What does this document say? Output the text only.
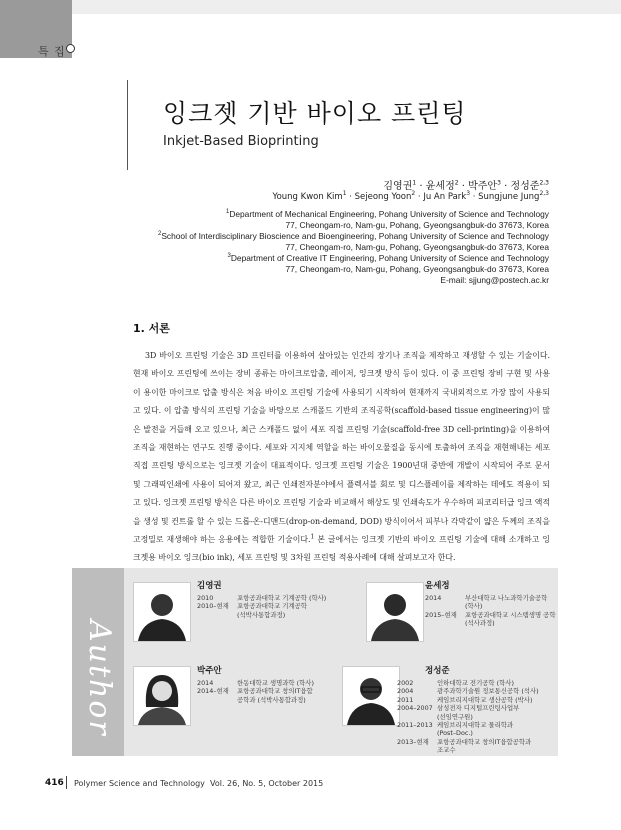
특 집
잉크젯 기반 바이오 프린팅
Inkjet-Based Bioprinting
김영권$^1$ · 윤세정$^2$ · 박주안$^3$ · 정성준$^{2,3}$
Young Kwon Kim$^1$ · Sejeong Yoon$^2$ · Ju An Park$^3$ · Sungjune Jung$^{2,3}$
$^1$Department of Mechanical Engineering, Pohang University of Science and Technology
77, Cheongam-ro, Nam-gu, Pohang, Gyeongsangbuk-do 37673, Korea
$^2$School of Interdisciplinary Bioscience and Bioengineering, Pohang University of Science and Technology
77, Cheongam-ro, Nam-gu, Pohang, Gyeongsangbuk-do 37673, Korea
$^3$Department of Creative IT Engineering, Pohang University of Science and Technology
77, Cheongam-ro, Nam-gu, Pohang, Gyeongsangbuk-do 37673, Korea
E-mail: sjjung@postech.ac.kr
1. 서론

3D 바이오 프린팅 기술은 3D 프린터를 이용하여 살아있는 인간의 장기나 조직을 제작하고 재생할 수 있는 기술이다. 현재 바이오 프린팅에 쓰이는 장비 종류는 마이크로압출, 레이저, 잉크젯 방식 등이 있다. 이 중 프린팅 장비 구현 및 사용이 용이한 마이크로 압출 방식은 처음 바이오 프린팅 기술에 사용되기 시작하여 현재까지 국내외적으로 가장 많이 사용되고 있다. 이 압출 방식의 프린팅 기술을 바탕으로 스캐폴드 기반의 조직공학(scaffold-based tissue engineering)이 많은 발전을 거듭해 오고 있으나, 최근 스캐폴드 없이 세포 직접 프린팅 기술(scaffold-free 3D cell-printing)을 이용하여 조직을 재현하는 연구도 진행 중이다. 세포와 지지체 역할을 하는 바이오물질을 동시에 토출하여 조직을 재현해내는 세포 직접 프린팅 방식으로는 잉크젯 기술이 대표적이다. 잉크젯 프린팅 기술은 1900년대 중반에 개발이 시작되어 주로 문서 및 그래픽인쇄에 사용이 되어져 왔고, 최근 인쇄전자분야에서 플렉서블 회로 및 디스플레이를 제작하는 데에도 적용이 되고 있다. 잉크젯 프린팅 방식은 다른 바이오 프린팅 기술과 비교해서 해상도 및 인쇄속도가 우수하며 피코리터급 잉크 액적을 생성 및 컨트롤 할 수 있는 드롭-온-디맨드(drop-on-demand, DOD) 방식이어서 피부나 각막같이 얇은 두께의 조직을 고정밀로 재생해야 하는 응용에는 적합한 기술이다.$^1$ 본 글에서는 잉크젯 기반의 바이오 프린팅 기술에 대해 소개하고 잉크젯용 바이오 잉크(bio ink), 세포 프린팅 및 3차원 프린팅 적용사례에 대해 살펴보고자 한다.

Author
김영권
2010	포항공과대학교 기계공학 (학사)
2010–현재 포항공과대학교 기계공학
(석박사통합과정)
윤세정
2014	부산대학교 나노과학기술공학
(학사)
2015–현재 포항공과대학교 시스템생명 공학
(석사과정)
박주안
2014	한동대학교 생명과학 (학사)
2014–현재 포항공과대학교 창의IT융합
공학과 (석박사통합과정)
정성준
2002	인하대학교 전기공학 (학사)
2004	광주과학기술원 정보통신공학 (석사)
2011	케임브리지대학교 생산공학 (박사)
2004–2007 삼성전자 디지털프린팅사업부
(선임연구원)
2011–2013 케임브리지대학교 물리학과
(Post–Doc.)
2013–현재 포항공과대학교 창의IT융합공학과
조교수
416 Polymer Science and Technology Vol. 26, No. 5, October 2015
